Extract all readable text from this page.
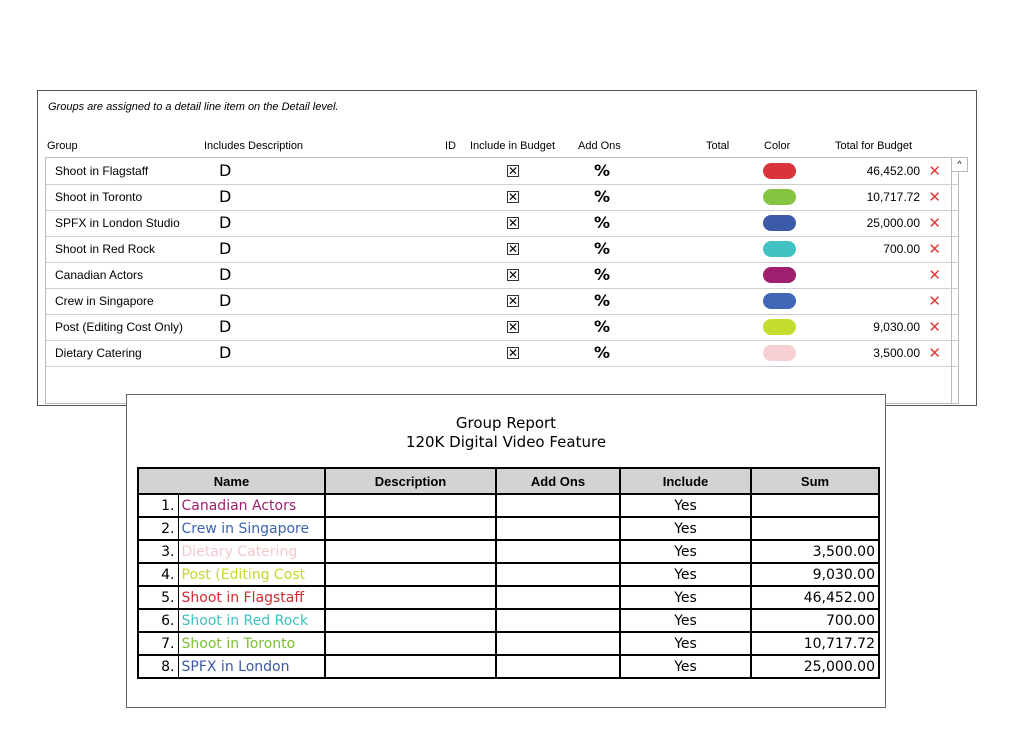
Groups are assigned to a detail line item on the Detail level.
Group	Includes Description	ID Include in Budget Add Ons	Total	Color	Total for Budget
Shoot in Flagstaff	D	✕	%	46,452.00 ✕
Shoot in Toronto	D	✕	%	10,717.72 ✕
SPFX in London Studio D	✕	%	25,000.00 ✕
Shoot in Red Rock	D	✕	%	700.00 ✕
Canadian Actors	D	✕	%	✕
Crew in Singapore	D	✕	%	✕
Post (Editing Cost Only) D	✕	%	9,030.00 ✕
Dietary Catering	D	✕	%	3,500.00 ✕
^
Group Report
120K Digital Video Feature
Name		Description	Add Ons	Include	Sum
1.	Canadian Actors			Yes	
2.	Crew in Singapore			Yes	
3.	Dietary Catering			Yes	3,500.00
4.	Post (Editing Cost			Yes	9,030.00
5.	Shoot in Flagstaff			Yes	46,452.00
6.	Shoot in Red Rock			Yes	700.00
7.	Shoot in Toronto			Yes	10,717.72
8.	SPFX in London			Yes	25,000.00
